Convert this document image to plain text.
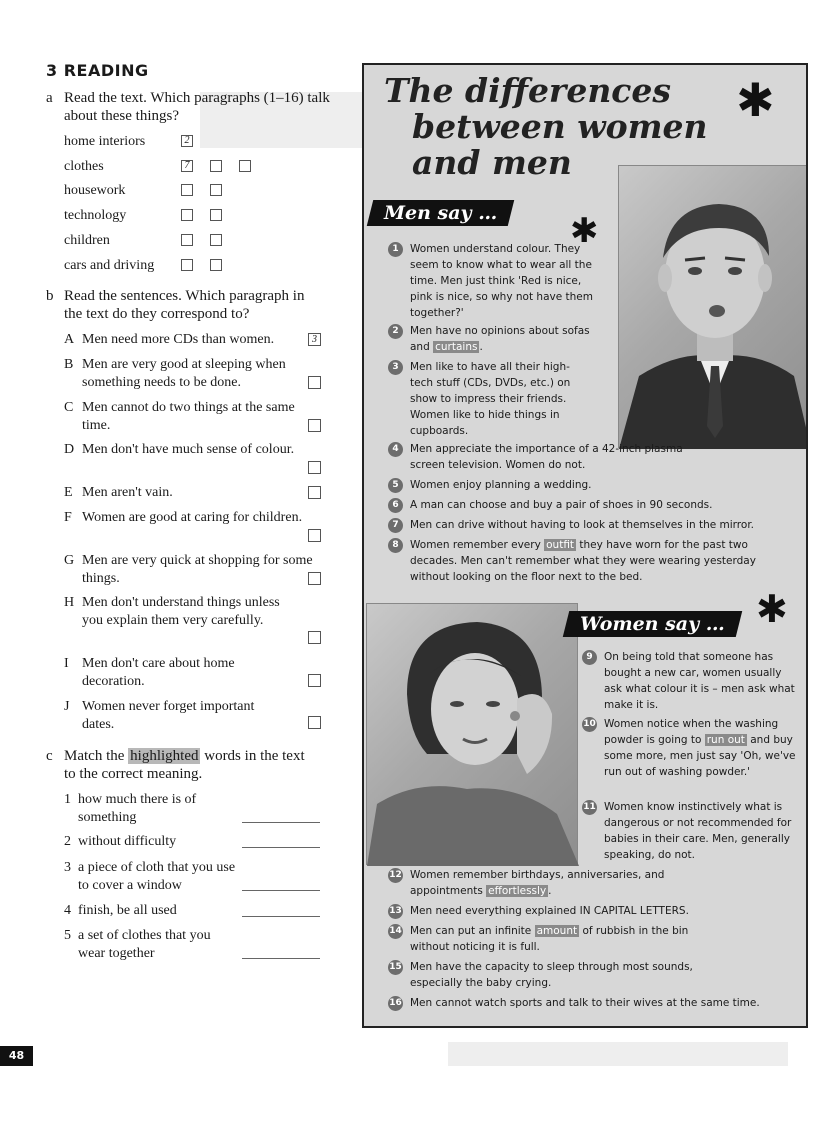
3 READING
a Read the text. Which paragraphs (1–16) talk about these things?
home interiors	2
clothes	7
housework
technology
children
cars and driving
b Read the sentences. Which paragraph in the text do they correspond to?
A Men need more CDs than women.	3
B Men are very good at sleeping when something needs to be done.
C Men cannot do two things at the same time.
D Men don't have much sense of colour.
E Men aren't vain.
F Women are good at caring for children.
G Men are very quick at shopping for some things.
H Men don't understand things unless you explain them very carefully.
I Men don't care about home decoration.
J Women never forget important dates.
c Match the highlighted words in the text to the correct meaning.
1 how much there is of something
2 without difficulty
3 a piece of cloth that you use to cover a window
4 finish, be all used
5 a set of clothes that you wear together
The differences
between women
and men
✱
Men say …	✱
1	Women understand colour. They seem to know what to wear all the time. Men just think 'Red is nice, pink is nice, so why not have them together?'
2	Men have no opinions about sofas and curtains .
3	Men like to have all their high-tech stuff (CDs, DVDs, etc.) on show to impress their friends. Women like to hide things in cupboards.
4	Men appreciate the importance of a 42-inch plasma screen television. Women do not.
5	Women enjoy planning a wedding.
6	A man can choose and buy a pair of shoes in 90 seconds.
7	Men can drive without having to look at themselves in the mirror.
8	Women remember every outfit they have worn for the past two decades. Men can't remember what they were wearing yesterday without looking on the floor next to the bed.
Women say … ✱
9	On being told that someone has bought a new car, women usually ask what colour it is – men ask what make it is.
10 Women notice when the washing powder is going to run out and buy some more, men just say 'Oh, we've run out of washing powder.'
11 Women know instinctively what is dangerous or not recommended for babies in their care. Men, generally speaking, do not.
12 Women remember birthdays, anniversaries, and appointments effortlessly .
13 Men need everything explained IN CAPITAL LETTERS.
14 Men can put an infinite amount of rubbish in the bin without noticing it is full.
15 Men have the capacity to sleep through most sounds, especially the baby crying.
16 Men cannot watch sports and talk to their wives at the same time.
48
